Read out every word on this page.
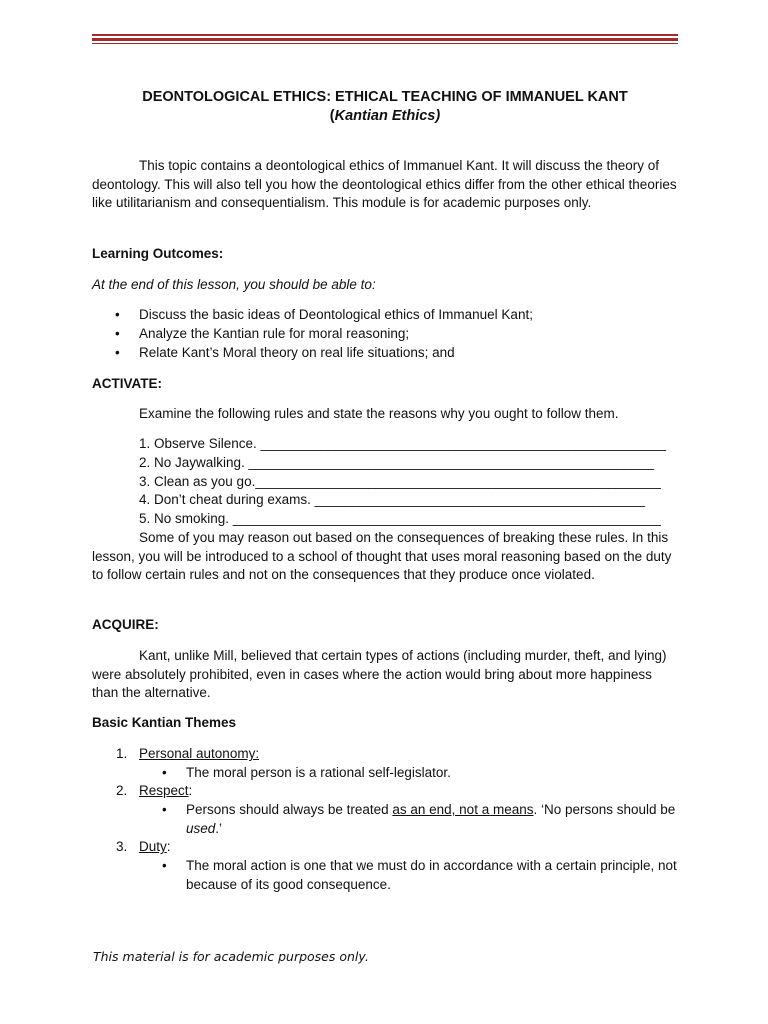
DEONTOLOGICAL ETHICS: ETHICAL TEACHING OF IMMANUEL KANT
(Kantian Ethics)
This topic contains a deontological ethics of Immanuel Kant. It will discuss the theory of deontology. This will also tell you how the deontological ethics differ from the other ethical theories like utilitarianism and consequentialism. This module is for academic purposes only.
Learning Outcomes:
At the end of this lesson, you should be able to:
• Discuss the basic ideas of Deontological ethics of Immanuel Kant;
• Analyze the Kantian rule for moral reasoning;
• Relate Kant’s Moral theory on real life situations; and
ACTIVATE:
Examine the following rules and state the reasons why you ought to follow them.
1. Observe Silence. ______________________________________________________
2. No Jaywalking. ______________________________________________________
3. Clean as you go.______________________________________________________
4. Don’t cheat during exams. ____________________________________________
5. No smoking. _________________________________________________________
Some of you may reason out based on the consequences of breaking these rules. In this lesson, you will be introduced to a school of thought that uses moral reasoning based on the duty to follow certain rules and not on the consequences that they produce once violated.
ACQUIRE:
Kant, unlike Mill, believed that certain types of actions (including murder, theft, and lying) were absolutely prohibited, even in cases where the action would bring about more happiness than the alternative.
Basic Kantian Themes
1. Personal autonomy:
• The moral person is a rational self-legislator.
2. Respect:
• Persons should always be treated as an end, not a means. ‘No persons should be used.’
3. Duty:
• The moral action is one that we must do in accordance with a certain principle, not because of its good consequence.
This material is for academic purposes only.
